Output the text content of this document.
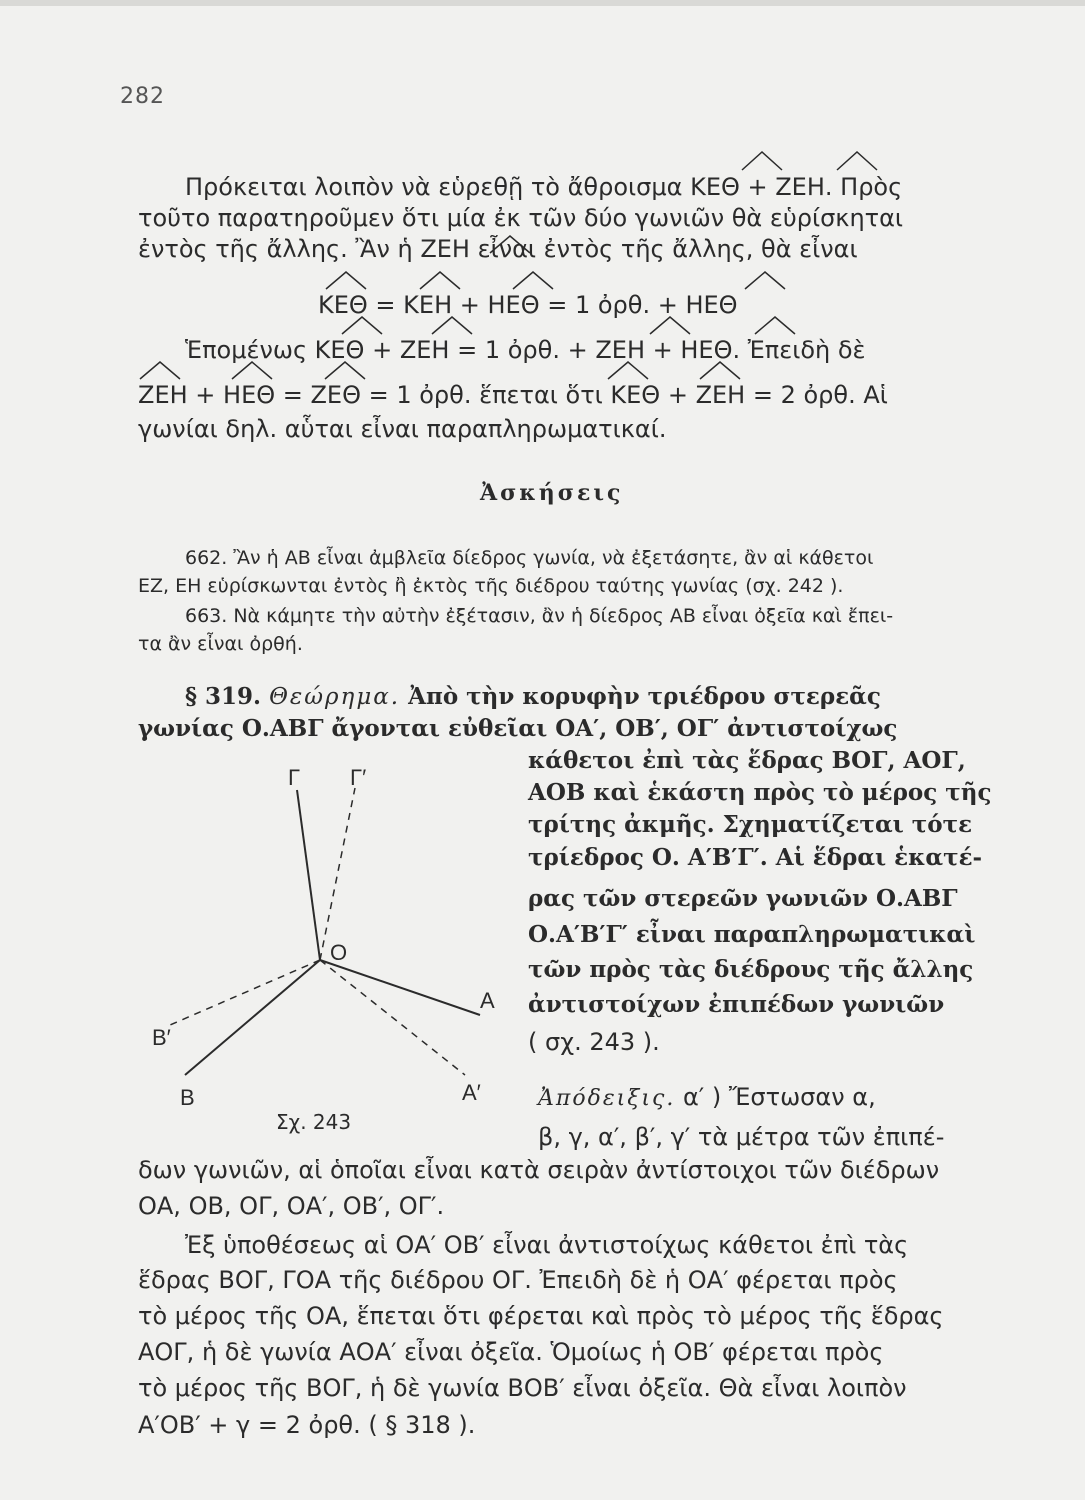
282
Πρόκειται λοιπὸν νὰ εὑρεθῇ τὸ ἄθροισμα ΚΕΘ + ΖΕΗ. Πρὸς
τοῦτο παρατηροῦμεν ὅτι μία ἐκ τῶν δύο γωνιῶν θὰ εὑρίσκηται
ἐντὸς τῆς ἄλλης. Ἂν ἡ ΖΕΗ εἶναι ἐντὸς τῆς ἄλλης, θὰ εἶναι
ΚΕΘ = ΚΕΗ + ΗΕΘ = 1 ὀρθ. + ΗΕΘ
Ἑπομένως ΚΕΘ + ΖΕΗ = 1 ὀρθ. + ΖΕΗ + ΗΕΘ. Ἐπειδὴ δὲ
ΖΕΗ + ΗΕΘ = ΖΕΘ = 1 ὀρθ. ἕπεται ὅτι ΚΕΘ + ΖΕΗ = 2 ὀρθ. Αἱ
γωνίαι δηλ. αὗται εἶναι παραπληρωματικαί.
Ἀσκήσεις
662. Ἂν ἡ ΑΒ εἶναι ἀμβλεῖα δίεδρος γωνία, νὰ ἐξετάσητε, ἂν αἱ κάθετοι
ΕΖ, ΕΗ εὑρίσκωνται ἐντὸς ἢ ἐκτὸς τῆς διέδρου ταύτης γωνίας (σχ. 242 ).
663. Νὰ κάμητε τὴν αὐτὴν ἐξέτασιν, ἂν ἡ δίεδρος ΑΒ εἶναι ὀξεῖα καὶ ἔπει-
τα ἂν εἶναι ὀρθή.
§ 319. Θεώρημα. Ἀπὸ τὴν κορυφὴν τριέδρου στερεᾶς
γωνίας Ο.ΑΒΓ ἄγονται εὐθεῖαι ΟΑ′, ΟΒ′, ΟΓ′ ἀντιστοίχως
κάθετοι ἐπὶ τὰς ἕδρας ΒΟΓ, ΑΟΓ,
ΑΟΒ καὶ ἑκάστη πρὸς τὸ μέρος τῆς
τρίτης ἀκμῆς. Σχηματίζεται τότε
τρίεδρος Ο. Α′Β′Γ′. Αἱ ἕδραι ἑκατέ-
ρας τῶν στερεῶν γωνιῶν Ο.ΑΒΓ
Ο.Α′Β′Γ′ εἶναι παραπληρωματικαὶ
τῶν πρὸς τὰς διέδρους τῆς ἄλλης
ἀντιστοίχων ἐπιπέδων γωνιῶν
( σχ. 243 ).
Γ Γ′
Ο
Α
Α′
Β
Β′
Σχ. 243
Ἀπόδειξις. α′ ) Ἔστωσαν α,
β, γ, α′, β′, γ′ τὰ μέτρα τῶν ἐπιπέ-
δων γωνιῶν, αἱ ὁποῖαι εἶναι κατὰ σειρὰν ἀντίστοιχοι τῶν διέδρων
ΟΑ, ΟΒ, ΟΓ, ΟΑ′, ΟΒ′, ΟΓ′.
Ἐξ ὑποθέσεως αἱ ΟΑ′ ΟΒ′ εἶναι ἀντιστοίχως κάθετοι ἐπὶ τὰς
ἕδρας ΒΟΓ, ΓΟΑ τῆς διέδρου ΟΓ. Ἐπειδὴ δὲ ἡ ΟΑ′ φέρεται πρὸς
τὸ μέρος τῆς ΟΑ, ἕπεται ὅτι φέρεται καὶ πρὸς τὸ μέρος τῆς ἕδρας
ΑΟΓ, ἡ δὲ γωνία ΑΟΑ′ εἶναι ὀξεῖα. Ὁμοίως ἡ ΟΒ′ φέρεται πρὸς
τὸ μέρος τῆς ΒΟΓ, ἡ δὲ γωνία ΒΟΒ′ εἶναι ὀξεῖα. Θὰ εἶναι λοιπὸν
Α′ΟΒ′ + γ = 2 ὀρθ. ( § 318 ).
